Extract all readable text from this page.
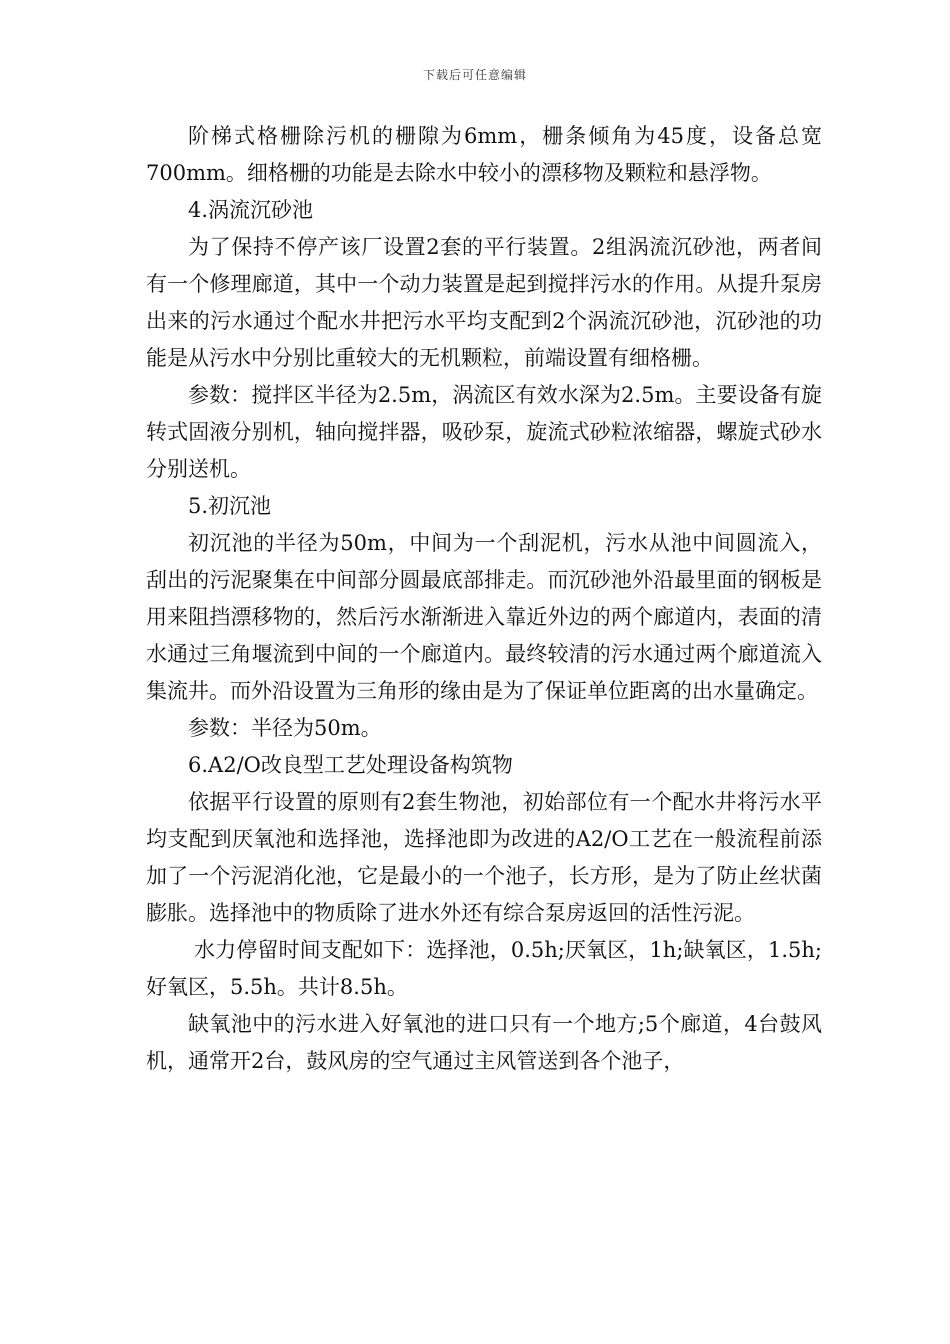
下载后可任意编辑

阶梯式格栅除污机的栅隙为6mm，栅条倾角为45度，设备总宽700mm。细格栅的功能是去除水中较小的漂移物及颗粒和悬浮物。

4.涡流沉砂池

为了保持不停产该厂设置2套的平行装置。2组涡流沉砂池，两者间有一个修理廊道，其中一个动力装置是起到搅拌污水的作用。从提升泵房出来的污水通过个配水井把污水平均支配到2个涡流沉砂池，沉砂池的功能是从污水中分别比重较大的无机颗粒，前端设置有细格栅。

参数：搅拌区半径为2.5m，涡流区有效水深为2.5m。主要设备有旋转式固液分别机，轴向搅拌器，吸砂泵，旋流式砂粒浓缩器，螺旋式砂水分别送机。

5.初沉池

初沉池的半径为50m，中间为一个刮泥机，污水从池中间圆流入，刮出的污泥聚集在中间部分圆最底部排走。而沉砂池外沿最里面的钢板是用来阻挡漂移物的，然后污水渐渐进入靠近外边的两个廊道内，表面的清水通过三角堰流到中间的一个廊道内。最终较清的污水通过两个廊道流入集流井。而外沿设置为三角形的缘由是为了保证单位距离的出水量确定。

参数：半径为50m。

6.A2/O改良型工艺处理设备构筑物

依据平行设置的原则有2套生物池，初始部位有一个配水井将污水平均支配到厌氧池和选择池，选择池即为改进的A2/O工艺在一般流程前添加了一个污泥消化池，它是最小的一个池子，长方形，是为了防止丝状菌膨胀。选择池中的物质除了进水外还有综合泵房返回的活性污泥。

水力停留时间支配如下：选择池，0.5h;厌氧区，1h;缺氧区，1.5h;好氧区，5.5h。共计8.5h。

缺氧池中的污水进入好氧池的进口只有一个地方;5个廊道，4台鼓风机，通常开2台，鼓风房的空气通过主风管送到各个池子，
